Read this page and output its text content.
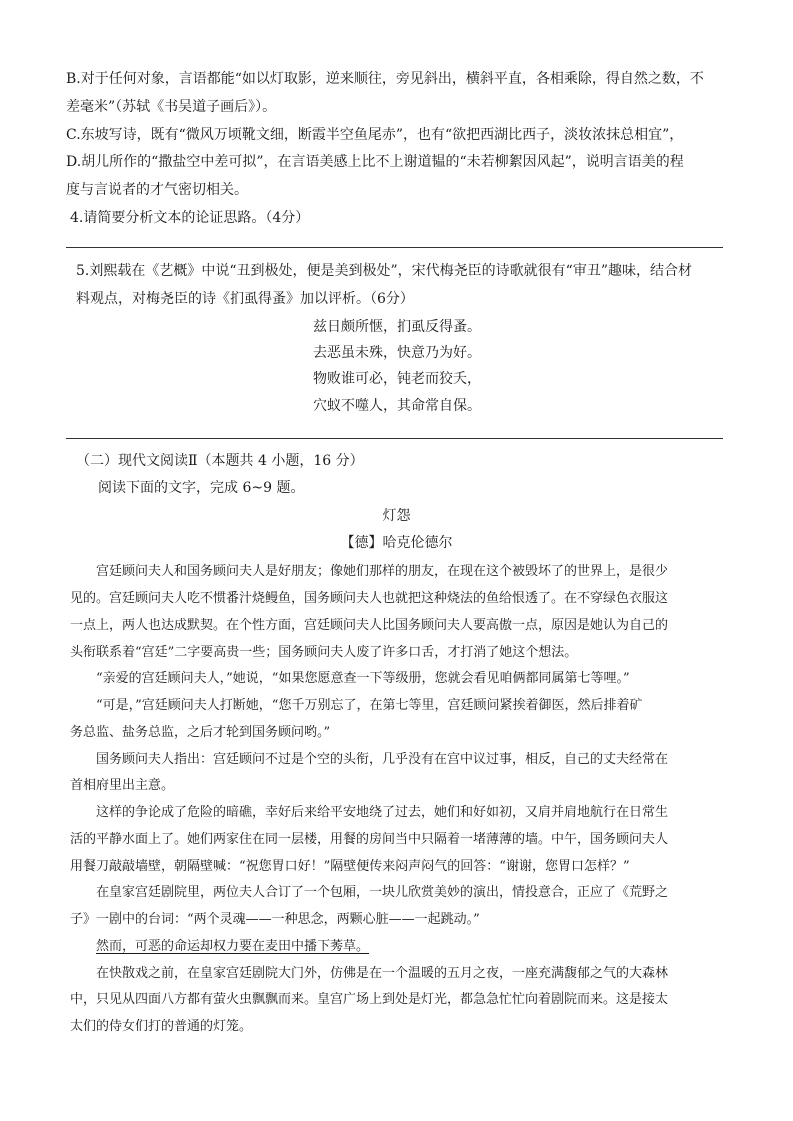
B.对于任何对象，言语都能“如以灯取影，逆来顺往，旁见斜出，横斜平直，各相乘除，得自然之数，不

差毫米”（苏轼《书吴道子画后》）。

C.东坡写诗，既有“微风万顷靴文细，断霞半空鱼尾赤”，也有“欲把西湖比西子，淡妆浓抹总相宜”，

D.胡儿所作的“撒盐空中差可拟”，在言语美感上比不上谢道韫的“未若柳絮因风起”，说明言语美的程

度与言说者的才气密切相关。

4.请简要分析文本的论证思路。（4分）

5.刘熙载在《艺概》中说“丑到极处，便是美到极处”，宋代梅尧臣的诗歌就很有“审丑”趣味，结合材

料观点，对梅尧臣的诗《扪虱得蚤》加以评析。（6分）

兹日颇所惬，扪虱反得蚤。

去恶虽未殊，快意乃为好。

物败谁可必，钝老而狡夭，

穴蚁不噬人，其命常自保。

（二）现代文阅读Ⅱ（本题共 4 小题，16 分）

阅读下面的文字，完成 6~9 题。

灯怨

【德】哈克伦德尔

宫廷顾问夫人和国务顾问夫人是好朋友；像她们那样的朋友，在现在这个被毁坏了的世界上，是很少

见的。宫廷顾问夫人吃不惯番汁烧鳗鱼，国务顾问夫人也就把这种烧法的鱼给恨透了。在不穿绿色衣服这

一点上，两人也达成默契。在个性方面，宫廷顾问夫人比国务顾问夫人要高傲一点，原因是她认为自己的

头衔联系着“宫廷”二字要高贵一些；国务顾问夫人废了许多口舌，才打消了她这个想法。

“亲爱的宫廷顾问夫人，”她说，“如果您愿意查一下等级册，您就会看见咱俩都同属第七等哩。”

“可是，”宫廷顾问夫人打断她，“您千万别忘了，在第七等里，宫廷顾问紧挨着御医，然后排着矿

务总监、盐务总监，之后才轮到国务顾问哟。”

国务顾问夫人指出：宫廷顾问不过是个空的头衔，几乎没有在宫中议过事，相反，自己的丈夫经常在

首相府里出主意。

这样的争论成了危险的暗礁，幸好后来给平安地绕了过去，她们和好如初，又肩并肩地航行在日常生

活的平静水面上了。她们两家住在同一层楼，用餐的房间当中只隔着一堵薄薄的墙。中午，国务顾问夫人

用餐刀敲敲墙壁，朝隔壁喊：“祝您胃口好！”隔壁便传来闷声闷气的回答：“谢谢，您胃口怎样？”

在皇家宫廷剧院里，两位夫人合订了一个包厢，一块儿欣赏美妙的演出，情投意合，正应了《荒野之

子》一剧中的台词：“两个灵魂——一种思念，两颗心脏——一起跳动。”

然而，可恶的命运却权力要在麦田中播下莠草。

在快散戏之前，在皇家宫廷剧院大门外，仿佛是在一个温暖的五月之夜，一座充满馥郁之气的大森林

中，只见从四面八方都有萤火虫飘飘而来。皇宫广场上到处是灯光，都急急忙忙向着剧院而来。这是接太

太们的侍女们打的普通的灯笼。
